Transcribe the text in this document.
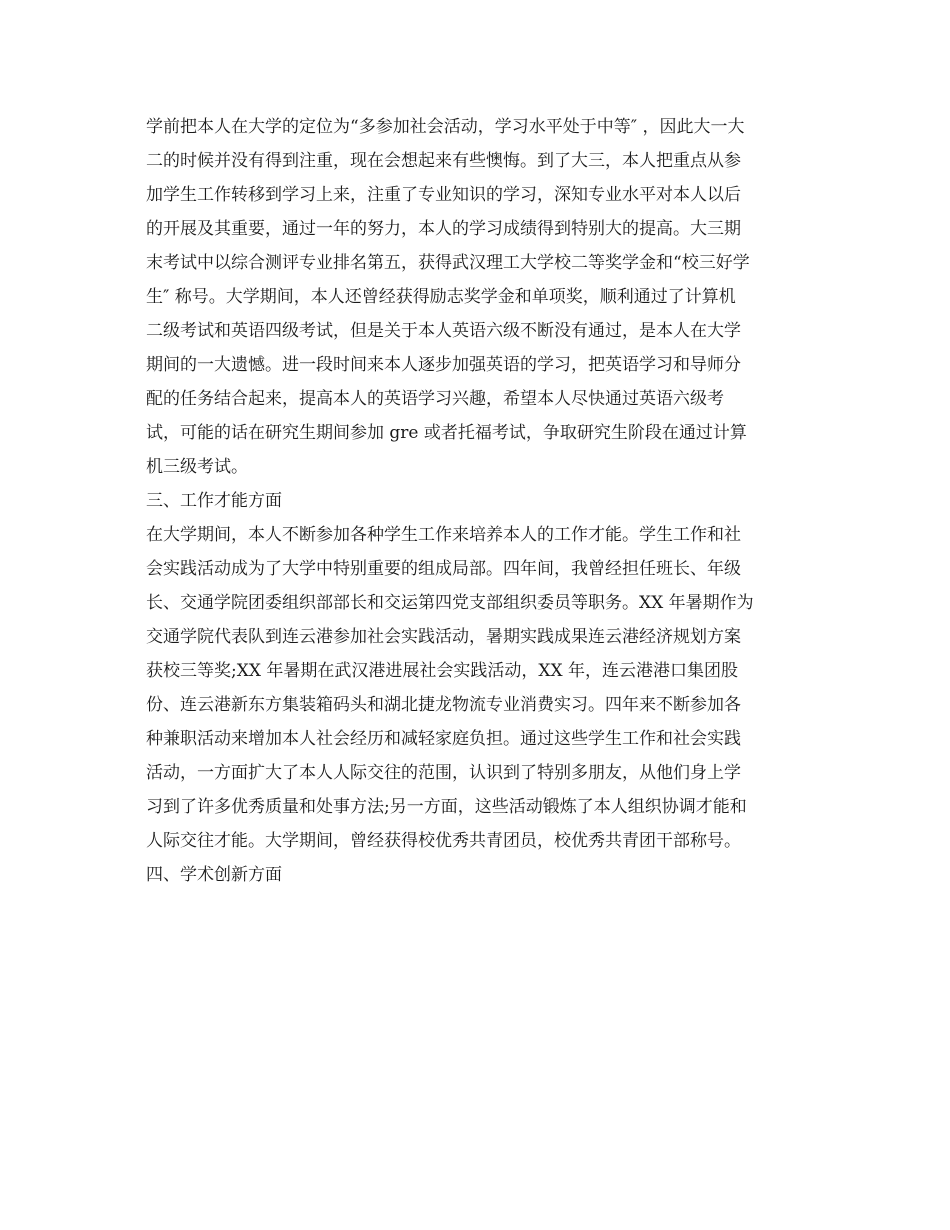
学前把本人在大学的定位为“多参加社会活动，学习水平处于中等″ ，因此大一大
二的时候并没有得到注重，现在会想起来有些懊悔。到了大三，本人把重点从参
加学生工作转移到学习上来，注重了专业知识的学习，深知专业水平对本人以后
的开展及其重要，通过一年的努力，本人的学习成绩得到特别大的提高。大三期
末考试中以综合测评专业排名第五，获得武汉理工大学校二等奖学金和“校三好学
生″ 称号。大学期间，本人还曾经获得励志奖学金和单项奖，顺利通过了计算机
二级考试和英语四级考试，但是关于本人英语六级不断没有通过，是本人在大学
期间的一大遗憾。进一段时间来本人逐步加强英语的学习，把英语学习和导师分
配的任务结合起来，提高本人的英语学习兴趣，希望本人尽快通过英语六级考
试，可能的话在研究生期间参加 gre 或者托福考试，争取研究生阶段在通过计算
机三级考试。
三、工作才能方面
在大学期间，本人不断参加各种学生工作来培养本人的工作才能。学生工作和社
会实践活动成为了大学中特别重要的组成局部。四年间，我曾经担任班长、年级
长、交通学院团委组织部部长和交运第四党支部组织委员等职务。XX 年暑期作为
交通学院代表队到连云港参加社会实践活动，暑期实践成果连云港经济规划方案
获校三等奖;XX 年暑期在武汉港进展社会实践活动，XX 年，连云港港口集团股
份、连云港新东方集装箱码头和湖北捷龙物流专业消费实习。四年来不断参加各
种兼职活动来增加本人社会经历和减轻家庭负担。通过这些学生工作和社会实践
活动，一方面扩大了本人人际交往的范围，认识到了特别多朋友，从他们身上学
习到了许多优秀质量和处事方法;另一方面，这些活动锻炼了本人组织协调才能和
人际交往才能。大学期间，曾经获得校优秀共青团员，校优秀共青团干部称号。
四、学术创新方面
